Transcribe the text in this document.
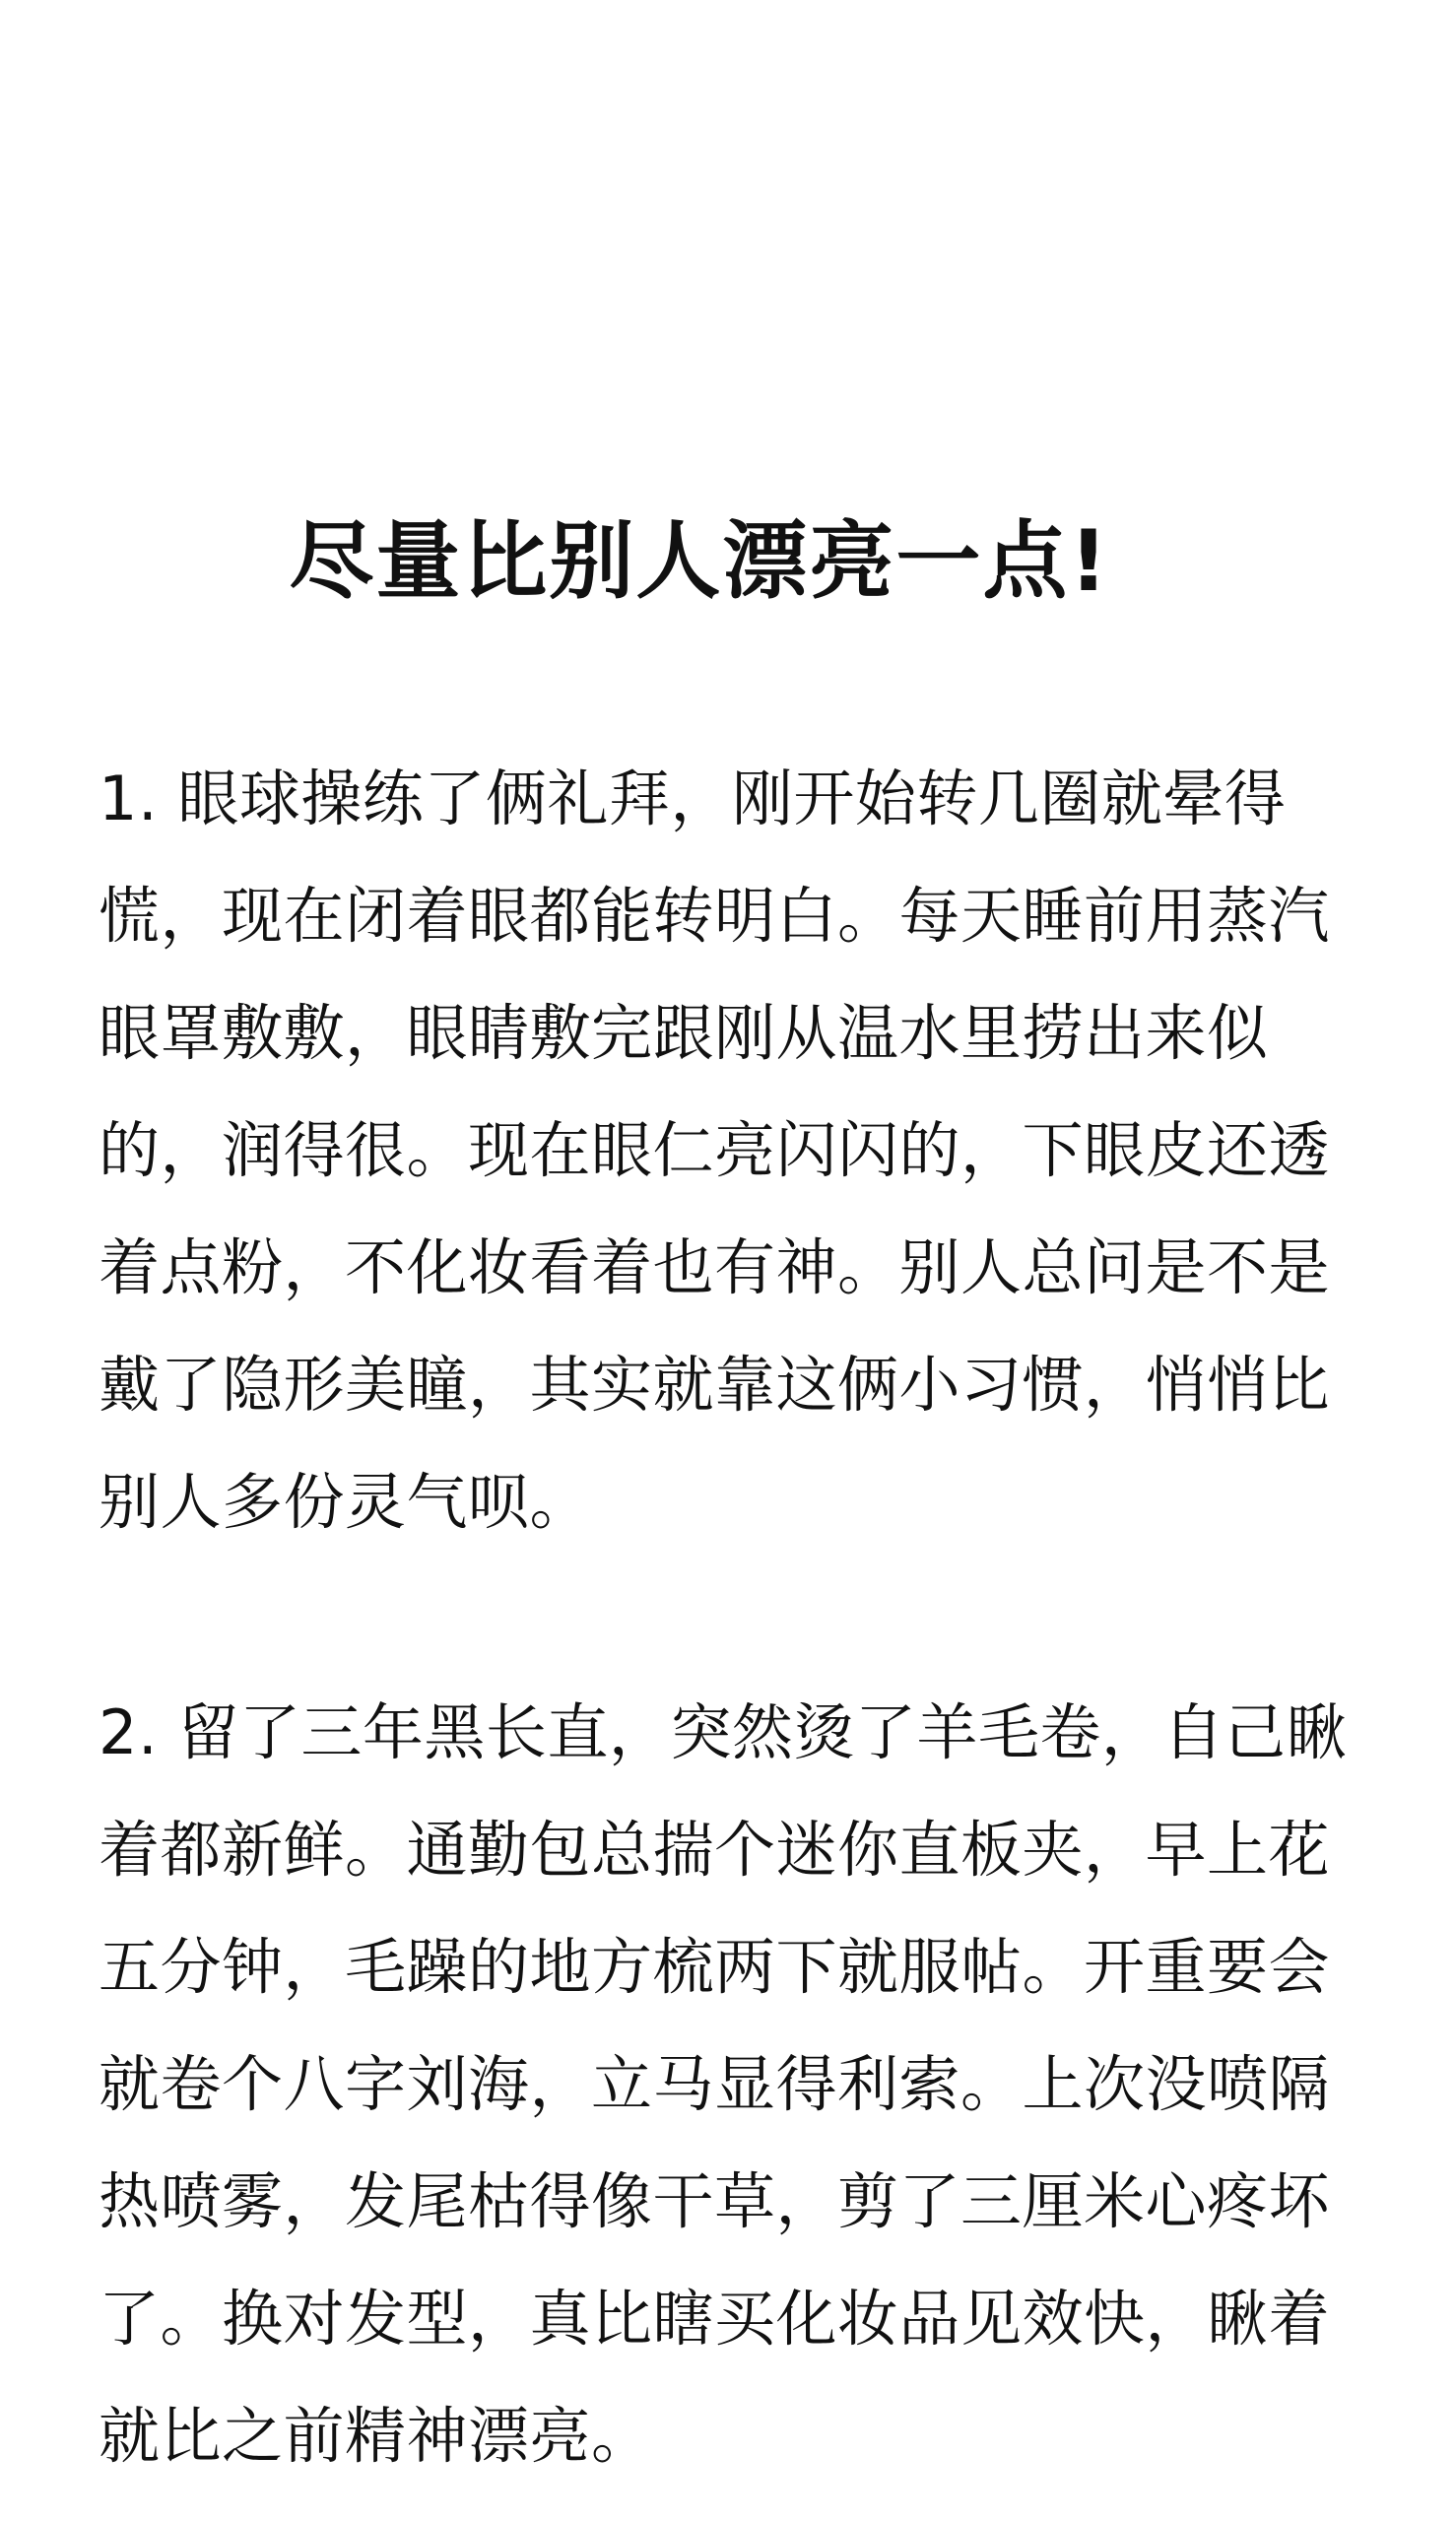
尽量比别人漂亮一点!

1. 眼球操练了俩礼拜，刚开始转几圈就晕得慌，现在闭着眼都能转明白。每天睡前用蒸汽眼罩敷敷，眼睛敷完跟刚从温水里捞出来似的，润得很。现在眼仁亮闪闪的，下眼皮还透着点粉，不化妆看着也有神。别人总问是不是戴了隐形美瞳，其实就靠这俩小习惯，悄悄比别人多份灵气呗。

2. 留了三年黑长直，突然烫了羊毛卷，自己瞅着都新鲜。通勤包总揣个迷你直板夹，早上花五分钟，毛躁的地方梳两下就服帖。开重要会就卷个八字刘海，立马显得利索。上次没喷隔热喷雾，发尾枯得像干草，剪了三厘米心疼坏了。换对发型，真比瞎买化妆品见效快，瞅着就比之前精神漂亮。
